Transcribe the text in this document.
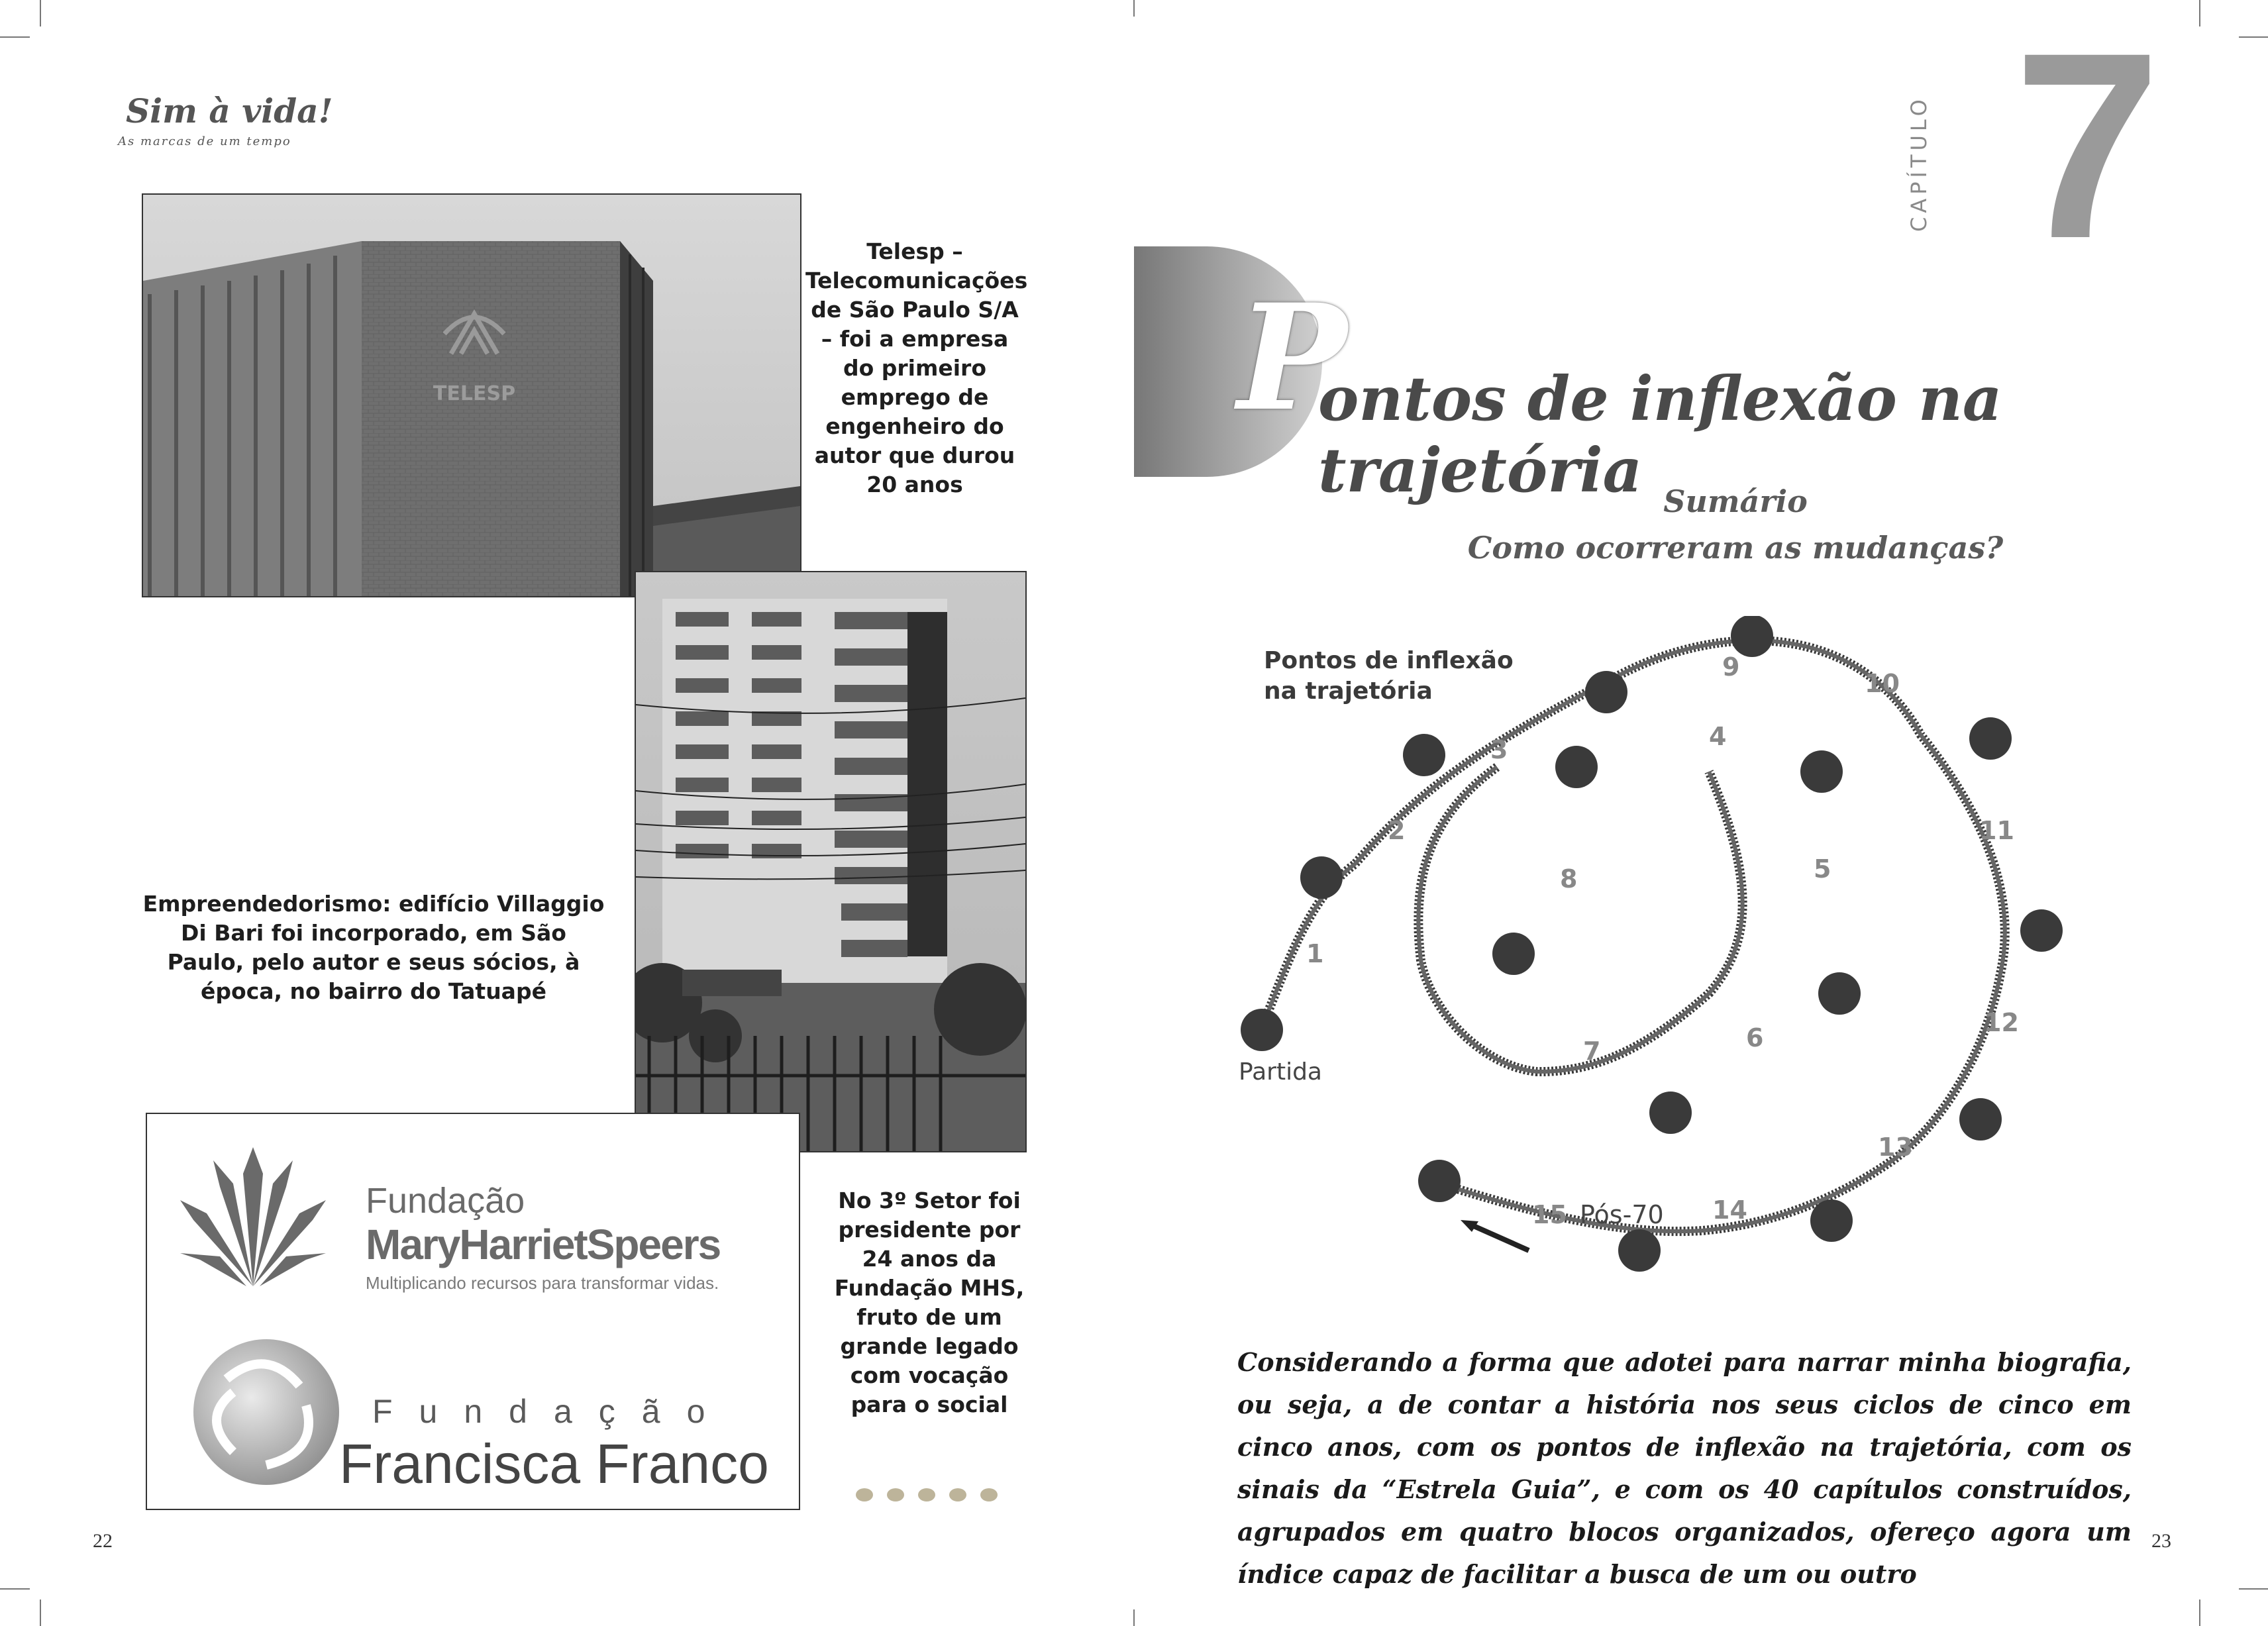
Sim à vida!
As marcas de um tempo
TELESP
Telesp – Telecomunicações de São Paulo S/A – foi a empresa do primeiro emprego de engenheiro do autor que durou 20 anos
Empreendedorismo: edifício Villaggio Di Bari foi incorporado, em São Paulo, pelo autor e seus sócios, à época, no bairro do Tatuapé
Fundação
MaryHarrietSpeers
Multiplicando recursos para transformar vidas.
Fundação
Francisca Franco
No 3º Setor foi presidente por 24 anos da Fundação MHS, fruto de um grande legado com vocação para o social
22
CAPÍTULO 7
P
ontos de inflexão na trajetória Sumário
Como ocorreram as mudanças?
Pontos de inflexão
na trajetória
Partida
Pós-70
1
2
3	4
5
6
7
8
9
10
11
12
13
14
15
Considerando a forma que adotei para narrar minha biografia, ou seja, a de contar a história nos seus ciclos de cinco em cinco anos, com os pontos de inflexão na trajetória, com os sinais da “Estrela Guia”, e com os 40 capítulos construídos, agrupados em quatro blocos organizados, ofereço agora um índice capaz de facilitar a busca de um ou outro
23
